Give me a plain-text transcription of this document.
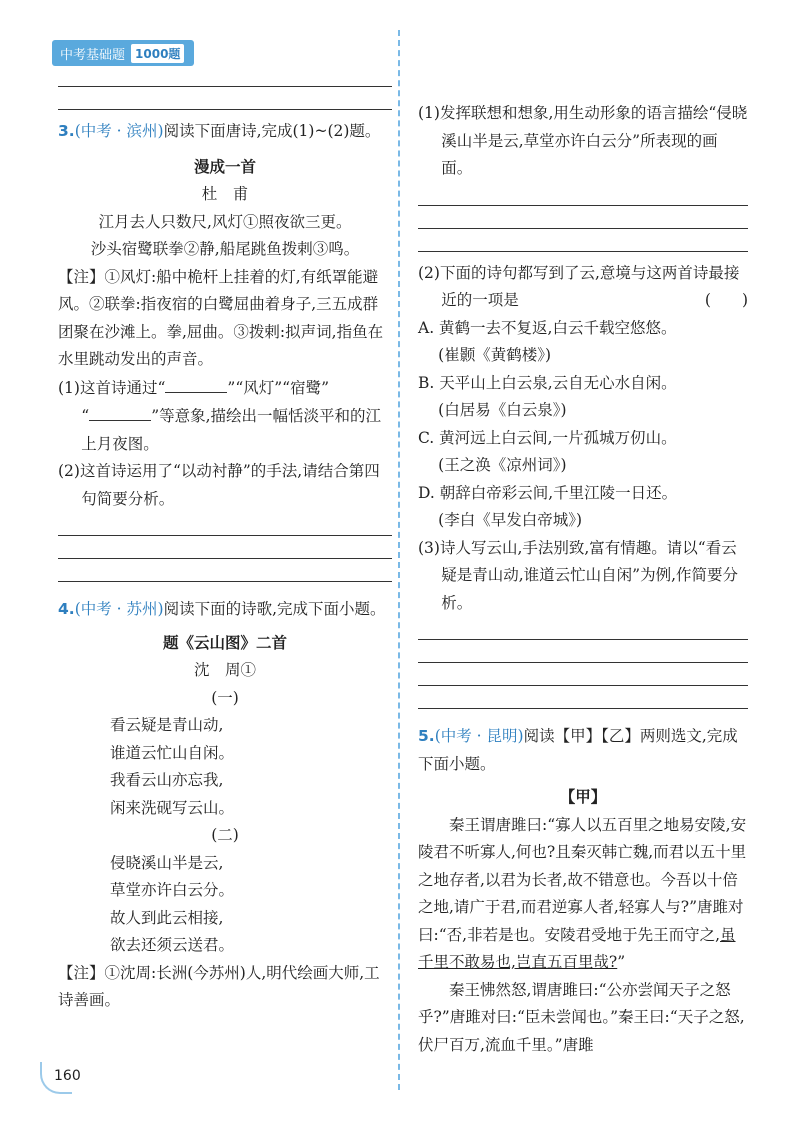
中考基础题 1000题

3.(中考 · 滨州)阅读下面唐诗,完成(1)~(2)题。

漫成一首

杜　甫

江月去人只数尺,风灯①照夜欲三更。

沙头宿鹭联拳②静,船尾跳鱼拨剌③鸣。

【注】①风灯:船中桅杆上挂着的灯,有纸罩能避风。②联拳:指夜宿的白鹭屈曲着身子,三五成群团聚在沙滩上。拳,屈曲。③拨剌:拟声词,指鱼在水里跳动发出的声音。

(1)这首诗通过“	”“风灯”“宿鹭”
“	”等意象,描绘出一幅恬淡平和的江上月夜图。

(2)这首诗运用了“以动衬静”的手法,请结合第四句简要分析。

4.(中考 · 苏州)阅读下面的诗歌,完成下面小题。

题《云山图》二首

沈　周①

(一)

看云疑是青山动,

谁道云忙山自闲。

我看云山亦忘我,

闲来洗砚写云山。

(二)

侵晓溪山半是云,

草堂亦许白云分。

故人到此云相接,

欲去还须云送君。

【注】①沈周:长洲(今苏州)人,明代绘画大师,工诗善画。

(1)发挥联想和想象,用生动形象的语言描绘“侵晓溪山半是云,草堂亦许白云分”所表现的画面。

(2)下面的诗句都写到了云,意境与这两首诗最接近的一项是	(　　)

A. 黄鹤一去不复返,白云千载空悠悠。

(崔颢《黄鹤楼》)

B. 天平山上白云泉,云自无心水自闲。

(白居易《白云泉》)

C. 黄河远上白云间,一片孤城万仞山。

(王之涣《凉州词》)

D. 朝辞白帝彩云间,千里江陵一日还。

(李白《早发白帝城》)

(3)诗人写云山,手法别致,富有情趣。请以“看云疑是青山动,谁道云忙山自闲”为例,作简要分析。

5.(中考 · 昆明)阅读【甲】【乙】两则选文,完成下面小题。

【甲】

秦王谓唐雎曰:“寡人以五百里之地易安陵,安陵君不听寡人,何也?且秦灭韩亡魏,而君以五十里之地存者,以君为长者,故不错意也。今吾以十倍之地,请广于君,而君逆寡人者,轻寡人与?”唐雎对曰:“否,非若是也。安陵君受地于先王而守之,虽千里不敢易也,岂直五百里哉?”

秦王怫然怒,谓唐雎曰:“公亦尝闻天子之怒乎?”唐雎对曰:“臣未尝闻也。”秦王曰:“天子之怒,伏尸百万,流血千里。”唐雎

160
